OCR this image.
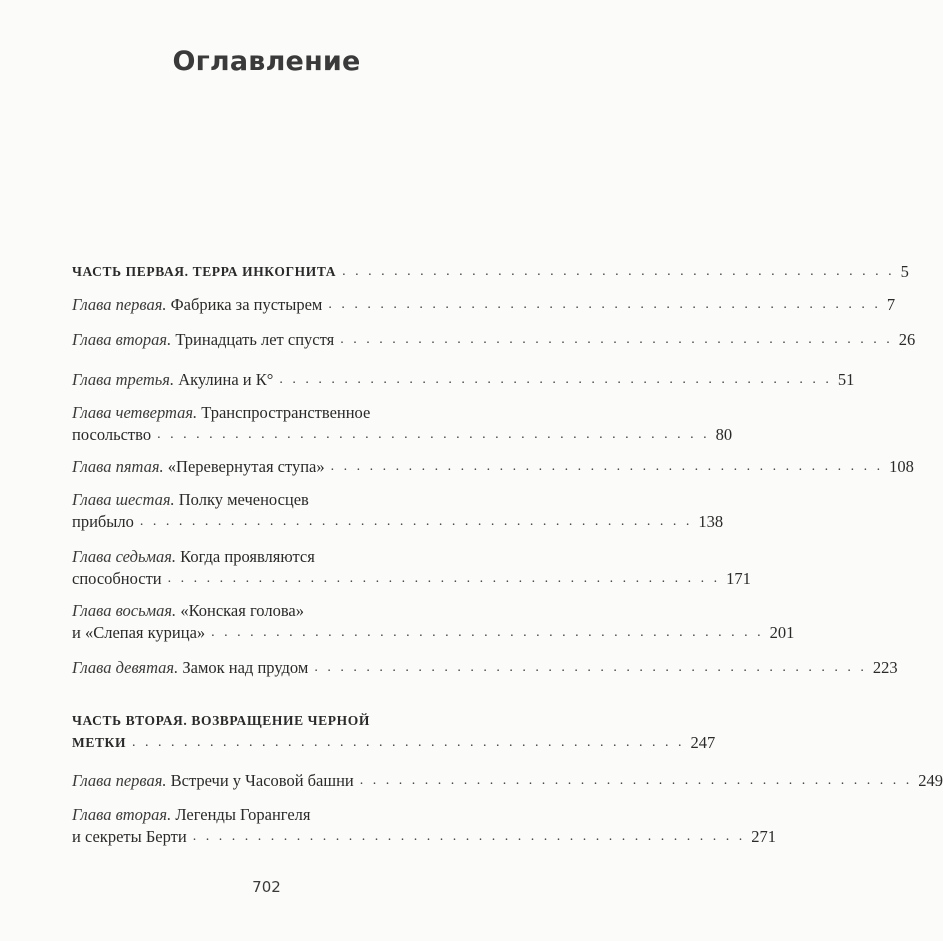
Оглавление
ЧАСТЬ ПЕРВАЯ. ТЕРРА ИНКОГНИТА . . . . . . . . . . . . . . . . . . . . . . . . . . . . . . . . . . . . . . . . . . . 5
Глава первая.
Фабрика за пустырем . . . . . . . . . . . . . . . . . . . . . . . . . . . . . . . . . . . . . . . . . . . 7
Глава вторая.
Тринадцать лет спустя . . . . . . . . . . . . . . . . . . . . . . . . . . . . . . . . . . . . . . . . . . . 26
Глава третья.
Акулина и К° . . . . . . . . . . . . . . . . . . . . . . . . . . . . . . . . . . . . . . . . . . . 51
Глава четвертая.
Транспространственное
посольство . . . . . . . . . . . . . . . . . . . . . . . . . . . . . . . . . . . . . . . . . . . 80
Глава пятая.
«Перевернутая ступа» . . . . . . . . . . . . . . . . . . . . . . . . . . . . . . . . . . . . . . . . . . . 108
Глава шестая.
Полку меченосцев
прибыло . . . . . . . . . . . . . . . . . . . . . . . . . . . . . . . . . . . . . . . . . . . 138
Глава седьмая.
Когда проявляются
способности . . . . . . . . . . . . . . . . . . . . . . . . . . . . . . . . . . . . . . . . . . . 171
Глава восьмая.
«Конская голова»
и «Слепая курица» . . . . . . . . . . . . . . . . . . . . . . . . . . . . . . . . . . . . . . . . . . . 201
Глава девятая.
Замок над прудом . . . . . . . . . . . . . . . . . . . . . . . . . . . . . . . . . . . . . . . . . . . 223
ЧАСТЬ ВТОРАЯ. ВОЗВРАЩЕНИЕ ЧЕРНОЙ
МЕТКИ . . . . . . . . . . . . . . . . . . . . . . . . . . . . . . . . . . . . . . . . . . . 247
Глава первая.
Встречи у Часовой башни . . . . . . . . . . . . . . . . . . . . . . . . . . . . . . . . . . . . . . . . . . . 249
Глава вторая.
Легенды Горангеля
и секреты Берти . . . . . . . . . . . . . . . . . . . . . . . . . . . . . . . . . . . . . . . . . . . 271
702
